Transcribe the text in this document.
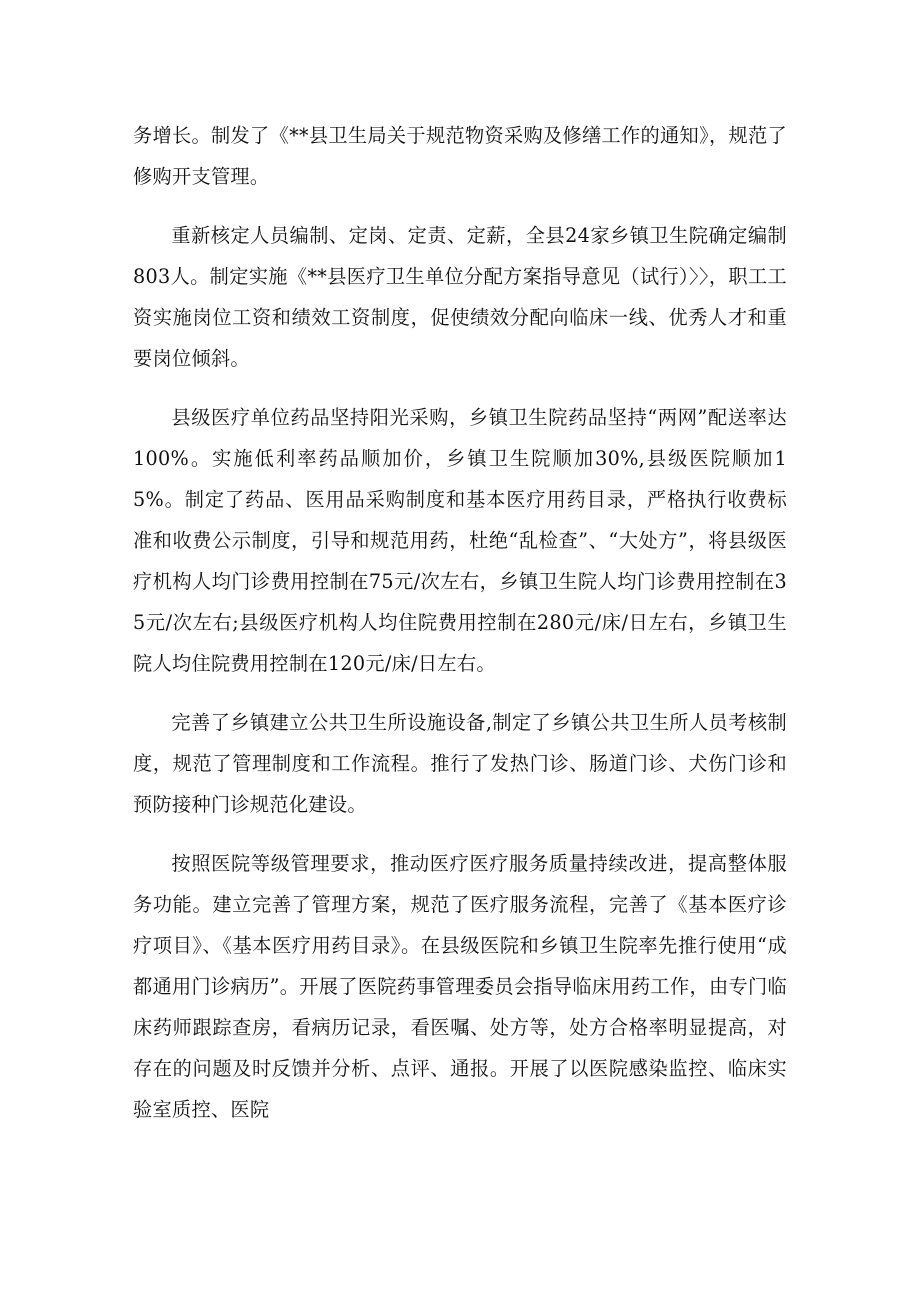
务增长。制发了《**县卫生局关于规范物资采购及修缮工作的通知》，规范了修购开支管理。

重新核定人员编制、定岗、定责、定薪，全县24家乡镇卫生院确定编制803人。制定实施《**县医疗卫生单位分配方案指导意见（试行）〉〉，职工工资实施岗位工资和绩效工资制度，促使绩效分配向临床一线、优秀人才和重要岗位倾斜。

县级医疗单位药品坚持阳光采购，乡镇卫生院药品坚持“两网”配送率达100%。实施低利率药品顺加价，乡镇卫生院顺加30%,县级医院顺加15%。制定了药品、医用品采购制度和基本医疗用药目录，严格执行收费标准和收费公示制度，引导和规范用药，杜绝“乱检查”、“大处方”，将县级医疗机构人均门诊费用控制在75元/次左右，乡镇卫生院人均门诊费用控制在35元/次左右;县级医疗机构人均住院费用控制在280元/床/日左右，乡镇卫生院人均住院费用控制在120元/床/日左右。

完善了乡镇建立公共卫生所设施设备,制定了乡镇公共卫生所人员考核制度，规范了管理制度和工作流程。推行了发热门诊、肠道门诊、犬伤门诊和预防接种门诊规范化建设。

按照医院等级管理要求，推动医疗医疗服务质量持续改进，提高整体服务功能。建立完善了管理方案，规范了医疗服务流程，完善了《基本医疗诊疗项目》、《基本医疗用药目录》。在县级医院和乡镇卫生院率先推行使用“成都通用门诊病历”。开展了医院药事管理委员会指导临床用药工作，由专门临床药师跟踪查房，看病历记录，看医嘱、处方等，处方合格率明显提高，对存在的问题及时反馈并分析、点评、通报。开展了以医院感染监控、临床实验室质控、医院
